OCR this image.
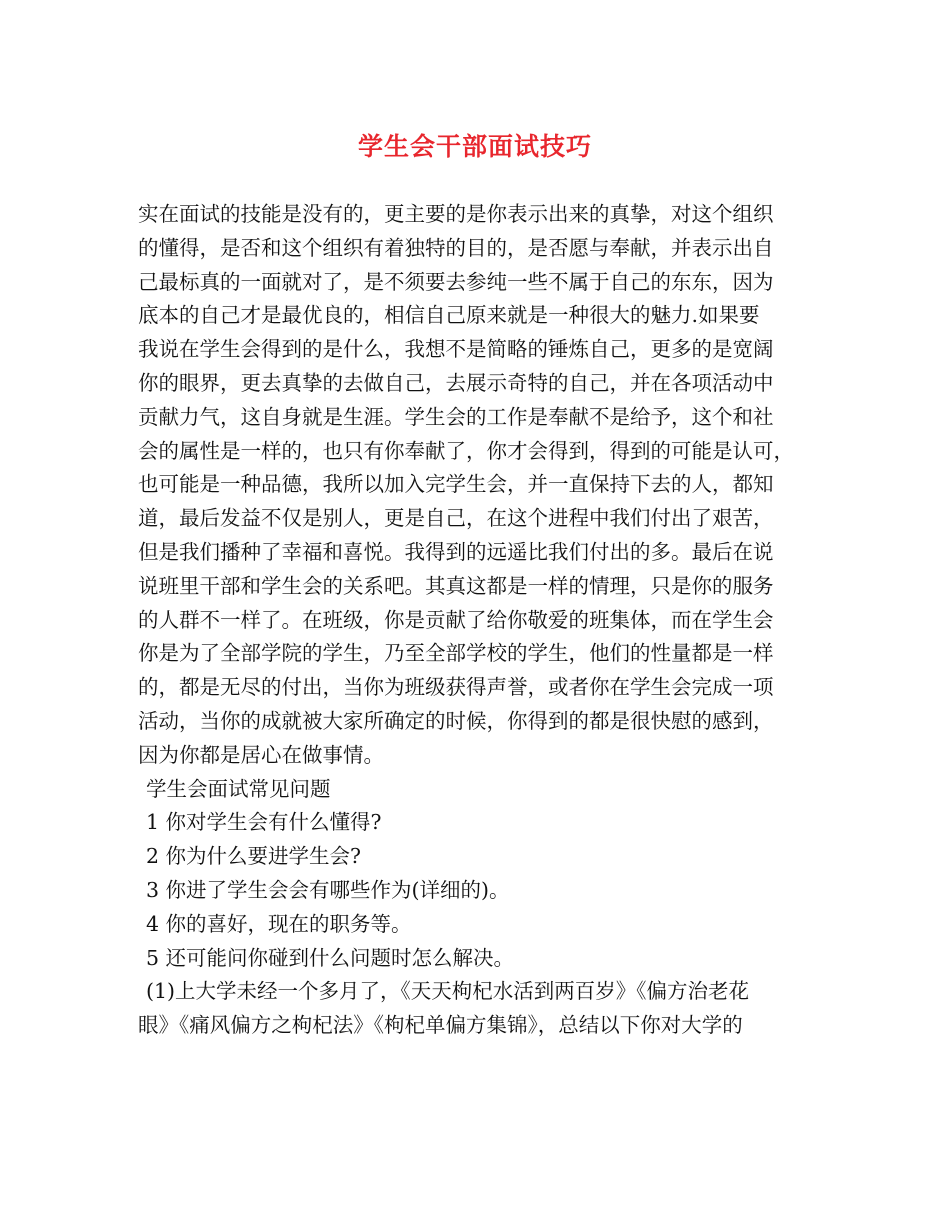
学生会干部面试技巧
实在面试的技能是没有的，更主要的是你表示出来的真挚，对这个组织
的懂得，是否和这个组织有着独特的目的，是否愿与奉献，并表示出自
己最标真的一面就对了，是不须要去参纯一些不属于自己的东东，因为
底本的自己才是最优良的，相信自己原来就是一种很大的魅力.如果要
我说在学生会得到的是什么，我想不是简略的锤炼自己，更多的是宽阔
你的眼界，更去真挚的去做自己，去展示奇特的自己，并在各项活动中
贡献力气，这自身就是生涯。学生会的工作是奉献不是给予，这个和社
会的属性是一样的，也只有你奉献了，你才会得到，得到的可能是认可，
也可能是一种品德，我所以加入完学生会，并一直保持下去的人，都知
道，最后发益不仅是别人，更是自己，在这个进程中我们付出了艰苦，
但是我们播种了幸福和喜悦。我得到的远遥比我们付出的多。最后在说
说班里干部和学生会的关系吧。其真这都是一样的情理，只是你的服务
的人群不一样了。在班级，你是贡献了给你敬爱的班集体，而在学生会
你是为了全部学院的学生，乃至全部学校的学生，他们的性量都是一样
的，都是无尽的付出，当你为班级获得声誉，或者你在学生会完成一项
活动，当你的成就被大家所确定的时候，你得到的都是很快慰的感到，
因为你都是居心在做事情。
学生会面试常见问题
1 你对学生会有什么懂得?
2 你为什么要进学生会?
3 你进了学生会会有哪些作为(详细的)。
4 你的喜好，现在的职务等。
5 还可能问你碰到什么问题时怎么解决。
(1)上大学未经一个多月了，《天天枸杞水活到两百岁》《偏方治老花
眼》《痛风偏方之枸杞法》《枸杞单偏方集锦》，总结以下你对大学的
